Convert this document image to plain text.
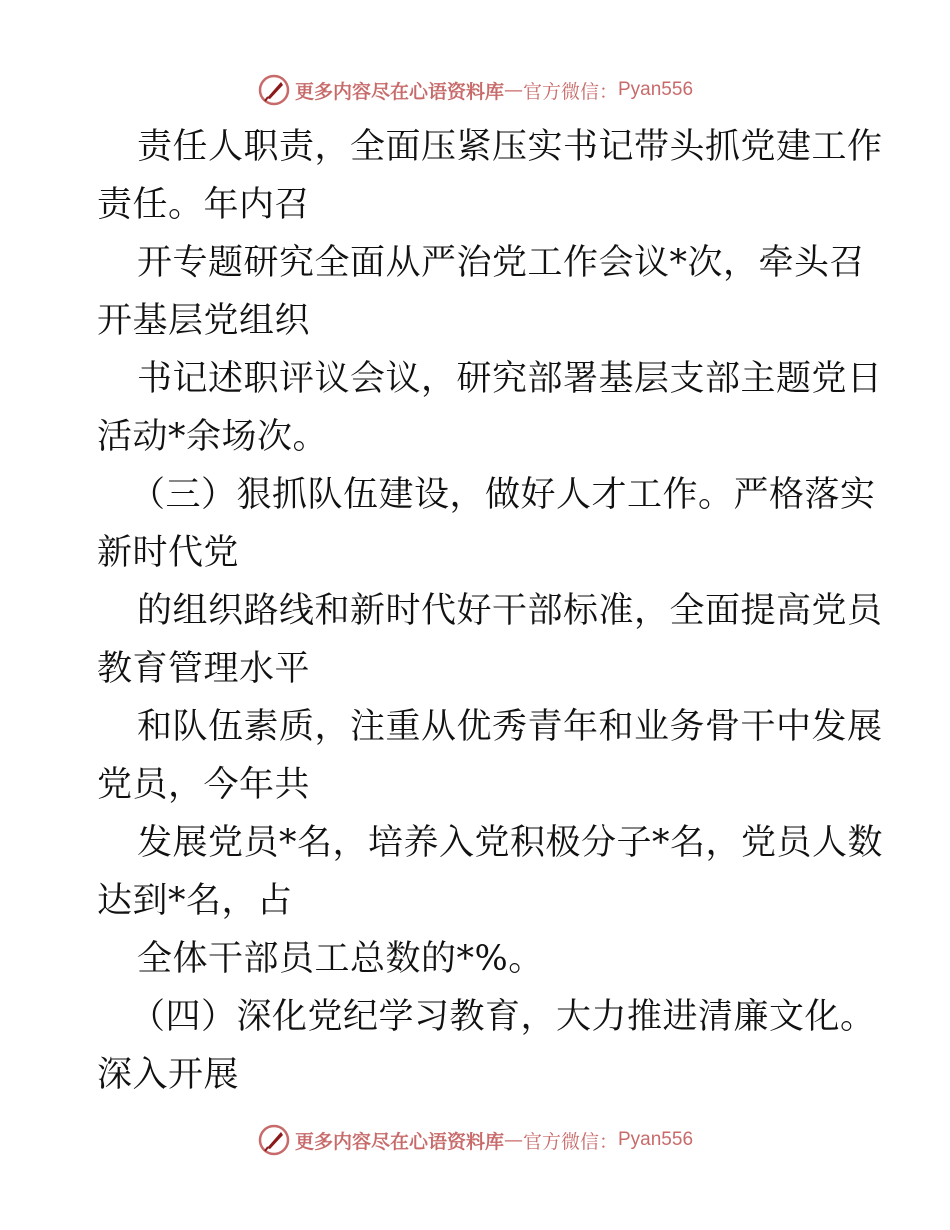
更多内容尽在心语资料库 — 官方微信： Pyan556
责任人职责，全面压紧压实书记带头抓党建工作
责任。年内召
开专题研究全面从严治党工作会议*次，牵头召
开基层党组织
书记述职评议会议，研究部署基层支部主题党日
活动*余场次。
（三）狠抓队伍建设，做好人才工作。严格落实
新时代党
的组织路线和新时代好干部标准，全面提高党员
教育管理水平
和队伍素质，注重从优秀青年和业务骨干中发展
党员，今年共
发展党员*名，培养入党积极分子*名，党员人数
达到*名，占
全体干部员工总数的*%。
（四）深化党纪学习教育，大力推进清廉文化。
深入开展
更多内容尽在心语资料库 — 官方微信： Pyan556
